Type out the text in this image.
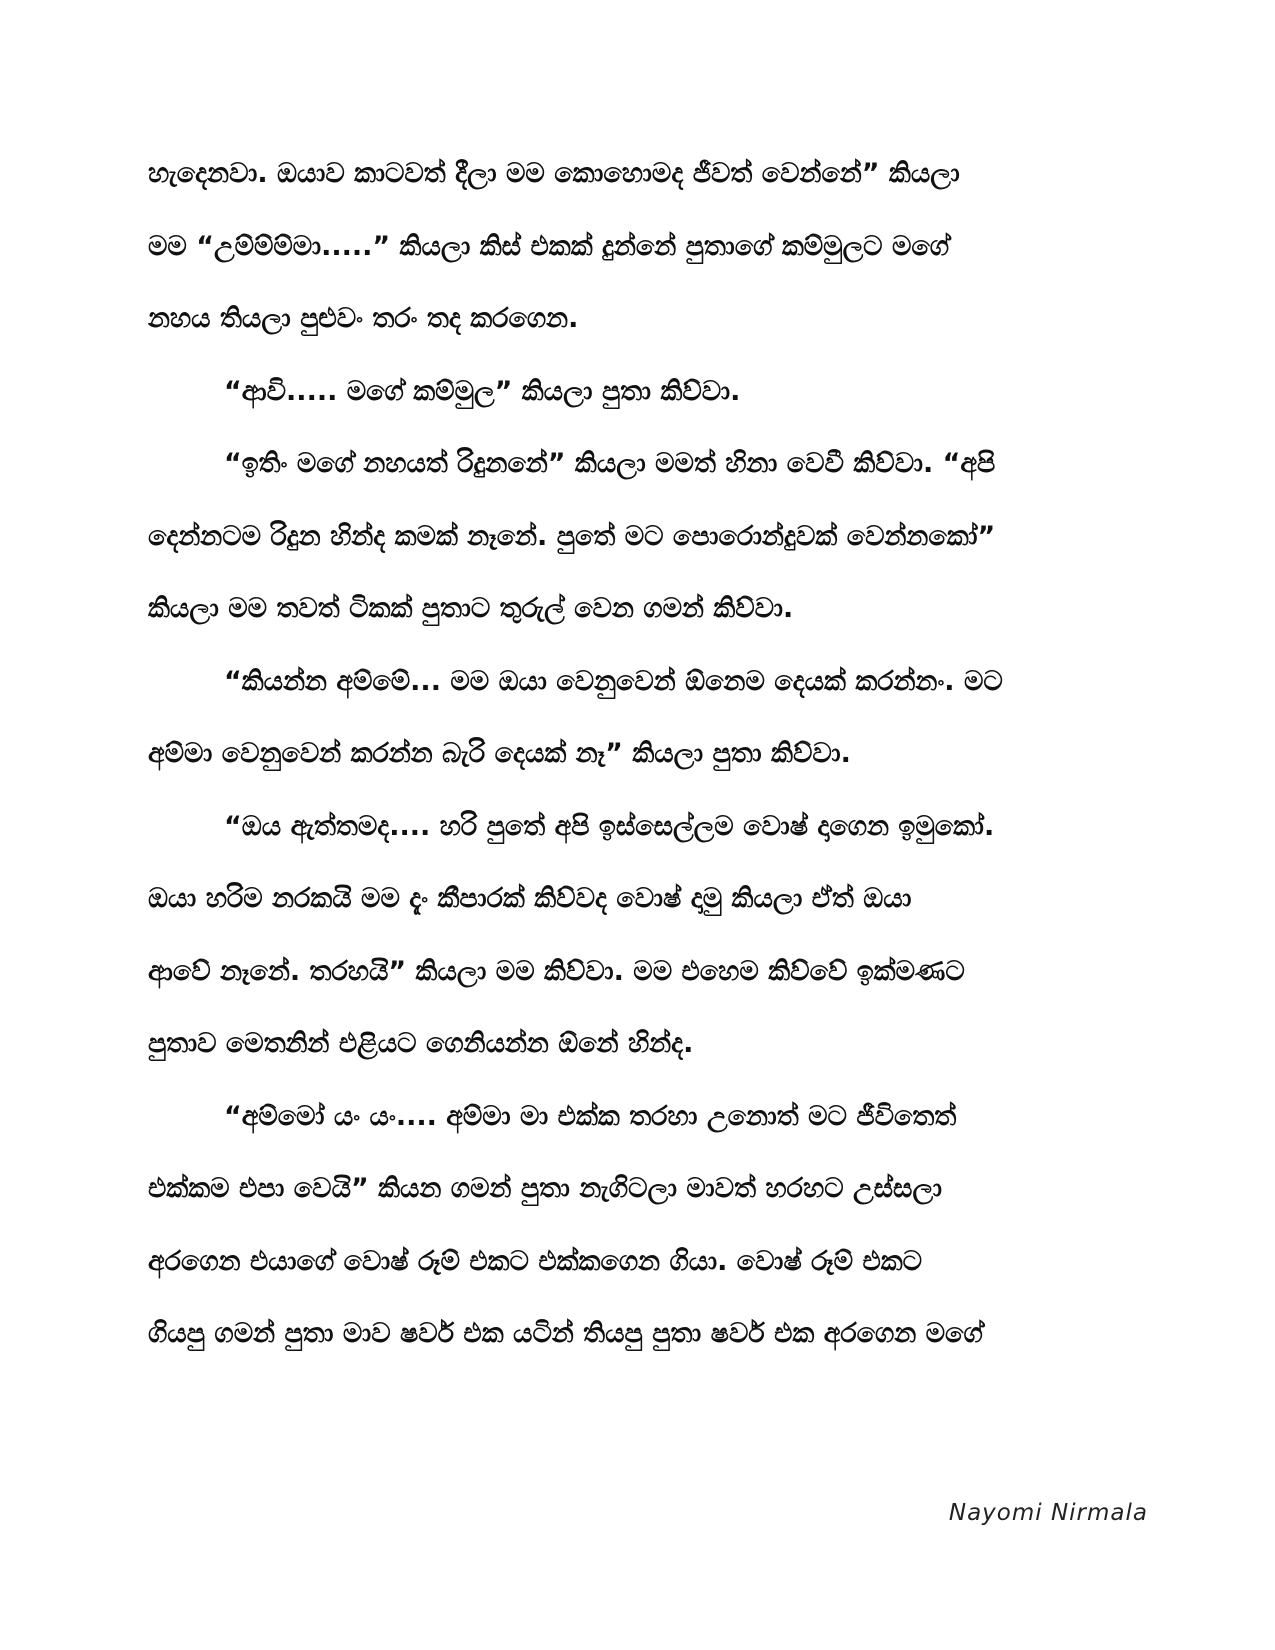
හැදෙනවා. ඔයාව කාටවත් දීලා මම කොහොමද ජීවත් වෙන්නේ” කියලා
මම “උම්ම්ම්මා.....” කියලා කිස් එකක් දුන්නේ පුතාගේ කම්මුලට මගේ
නහය තියලා පුළුවං තරං තද කරගෙන.
“ආවි..... මගේ කම්මුල” කියලා පුතා කිව්වා.
“ඉතිං මගේ නහයත් රිදුනනේ” කියලා මමත් හිනා වෙවී කිව්වා. “අපි
දෙන්නටම රිදුන හින්ද කමක් නෑනේ. පුතේ මට පොරොන්දුවක් වෙන්නකෝ”
කියලා මම තවත් ටිකක් පුතාට තුරුල් වෙන ගමන් කිව්වා.
“කියන්න අම්මේ... මම ඔයා වෙනුවෙන් ඕනෙම දෙයක් කරන්නං. මට
අම්මා වෙනුවෙන් කරන්න බැරි දෙයක් නෑ” කියලා පුතා කිව්වා.
“ඔය ඇත්තමද.... හරි පුතේ අපි ඉස්සෙල්ලම වොෂ් දාගෙන ඉමුකෝ.
ඔයා හරිම නරකයි මම දැං කීපාරක් කිව්වද වොෂ් දාමු කියලා ඒත් ඔයා
ආවේ නෑනේ. තරහයි” කියලා මම කිව්වා. මම එහෙම කිව්වේ ඉක්මණට
පුතාව මෙතනින් එළියට ගෙනියන්න ඕනේ හින්ද.
“අම්මෝ යං යං.... අම්මා මා එක්ක තරහා උනොත් මට ජීවිතෙත්
එක්කම එපා වෙයි” කියන ගමන් පුතා නැගිටලා මාවත් හරහට උස්සලා
අරගෙන එයාගේ වොෂ් රූම් එකට එක්කගෙන ගියා. වොෂ් රූම් එකට
ගියපු ගමන් පුතා මාව ෂවර් එක යටින් තියපු පුතා ෂවර් එක අරගෙන මගේ
Nayomi Nirmala
